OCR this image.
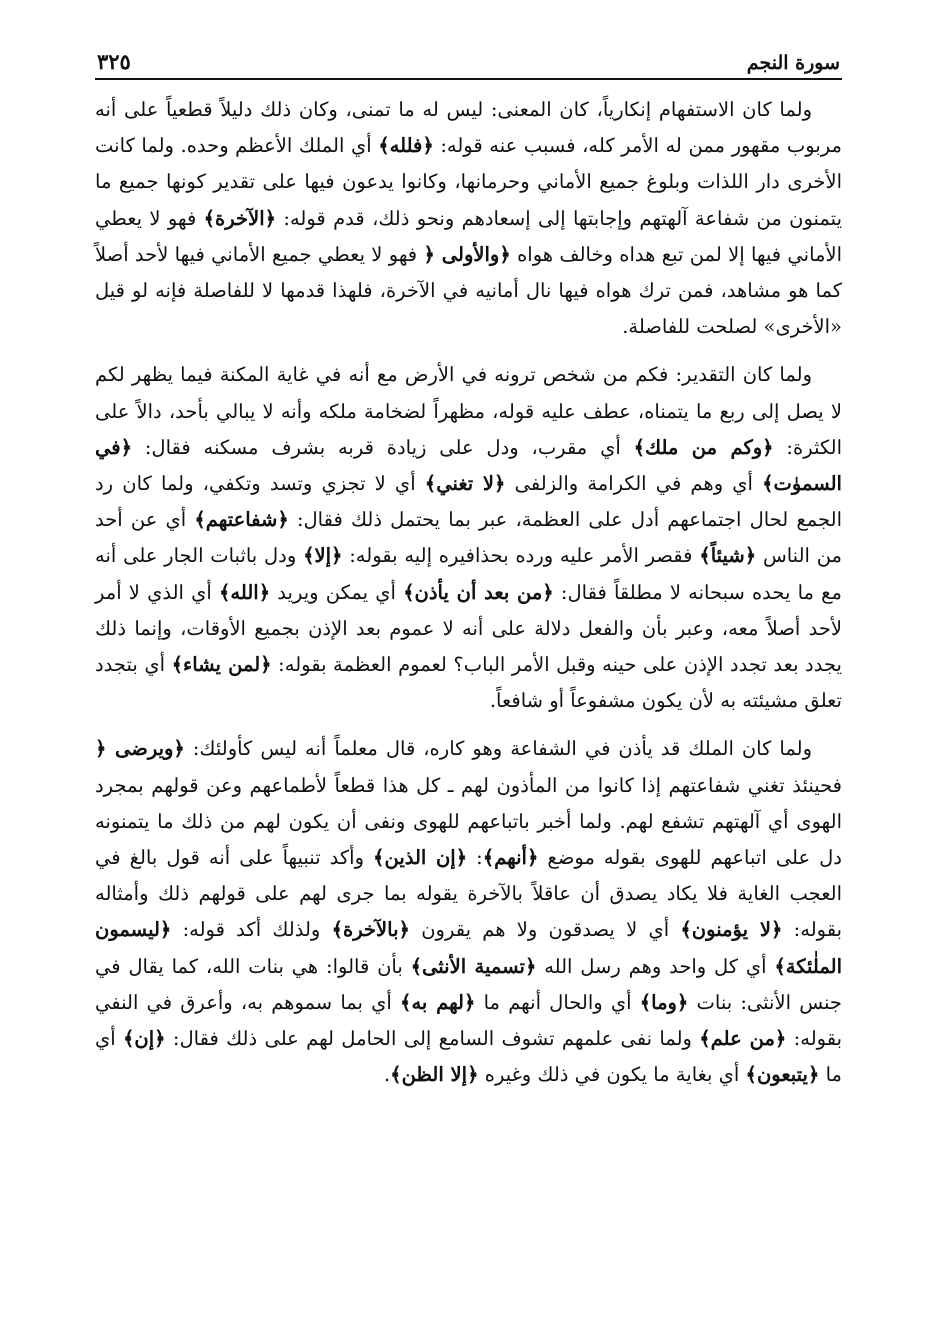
سورة النجم
٣٢٥

ولما كان الاستفهام إنكارياً، كان المعنى: ليس له ما تمنى، وكان ذلك دليلاً قطعياً على أنه مربوب مقهور ممن له الأمر كله، فسبب عنه قوله: ﴿فلله﴾ أي الملك الأعظم وحده. ولما كانت الأخرى دار اللذات وبلوغ جميع الأماني وحرمانها، وكانوا يدعون فيها على تقدير كونها جميع ما يتمنون من شفاعة آلهتهم وإجابتها إلى إسعادهم ونحو ذلك، قدم قوله: ﴿الآخرة﴾ فهو لا يعطي الأماني فيها إلا لمن تبع هداه وخالف هواه ﴿والأولى ﴿ فهو لا يعطي جميع الأماني فيها لأحد أصلاً كما هو مشاهد، فمن ترك هواه فيها نال أمانيه في الآخرة، فلهذا قدمها لا للفاصلة فإنه لو قيل «الأخرى» لصلحت للفاصلة.

ولما كان التقدير: فكم من شخص ترونه في الأرض مع أنه في غاية المكنة فيما يظهر لكم لا يصل إلى ربع ما يتمناه، عطف عليه قوله، مظهراً لضخامة ملكه وأنه لا يبالي بأحد، دالاً على الكثرة: ﴿وكم من ملك﴾ أي مقرب، ودل على زيادة قربه بشرف مسكنه فقال: ﴿في السموٰت﴾ أي وهم في الكرامة والزلفى ﴿لا تغني﴾ أي لا تجزي وتسد وتكفي، ولما كان رد الجمع لحال اجتماعهم أدل على العظمة، عبر بما يحتمل ذلك فقال: ﴿شفاعتهم﴾ أي عن أحد من الناس ﴿شيئاً﴾ فقصر الأمر عليه ورده بحذافيره إليه بقوله: ﴿إلا﴾ ودل باثبات الجار على أنه مع ما يحده سبحانه لا مطلقاً فقال: ﴿من بعد أن يأذن﴾ أي يمكن ويريد ﴿الله﴾ أي الذي لا أمر لأحد أصلاً معه، وعبر بأن والفعل دلالة على أنه لا عموم بعد الإذن بجميع الأوقات، وإنما ذلك يجدد بعد تجدد الإذن على حينه وقبل الأمر الباب؟ لعموم العظمة بقوله: ﴿لمن يشاء﴾ أي بتجدد تعلق مشيئته به لأن يكون مشفوعاً أو شافعاً.

ولما كان الملك قد يأذن في الشفاعة وهو كاره، قال معلماً أنه ليس كأولئك: ﴿ويرضى ﴿ فحينئذ تغني شفاعتهم إذا كانوا من المأذون لهم ـ كل هذا قطعاً لأطماعهم وعن قولهم بمجرد الهوى أي آلهتهم تشفع لهم. ولما أخبر باتباعهم للهوى ونفى أن يكون لهم من ذلك ما يتمنونه دل على اتباعهم للهوى بقوله موضع ﴿أنهم﴾: ﴿إن الذين﴾ وأكد تنبيهاً على أنه قول بالغ في العجب الغاية فلا يكاد يصدق أن عاقلاً بالآخرة يقوله بما جرى لهم على قولهم ذلك وأمثاله بقوله: ﴿لا يؤمنون﴾ أي لا يصدقون ولا هم يقرون ﴿بالآخرة﴾ ولذلك أكد قوله: ﴿ليسمون الملٰئكة﴾ أي كل واحد وهم رسل الله ﴿تسمية الأنثى﴾ بأن قالوا: هي بنات الله، كما يقال في جنس الأنثى: بنات ﴿وما﴾ أي والحال أنهم ما ﴿لهم به﴾ أي بما سموهم به، وأعرق في النفي بقوله: ﴿من علم﴾ ولما نفى علمهم تشوف السامع إلى الحامل لهم على ذلك فقال: ﴿إن﴾ أي ما ﴿يتبعون﴾ أي بغاية ما يكون في ذلك وغيره ﴿إلا الظن﴾.
